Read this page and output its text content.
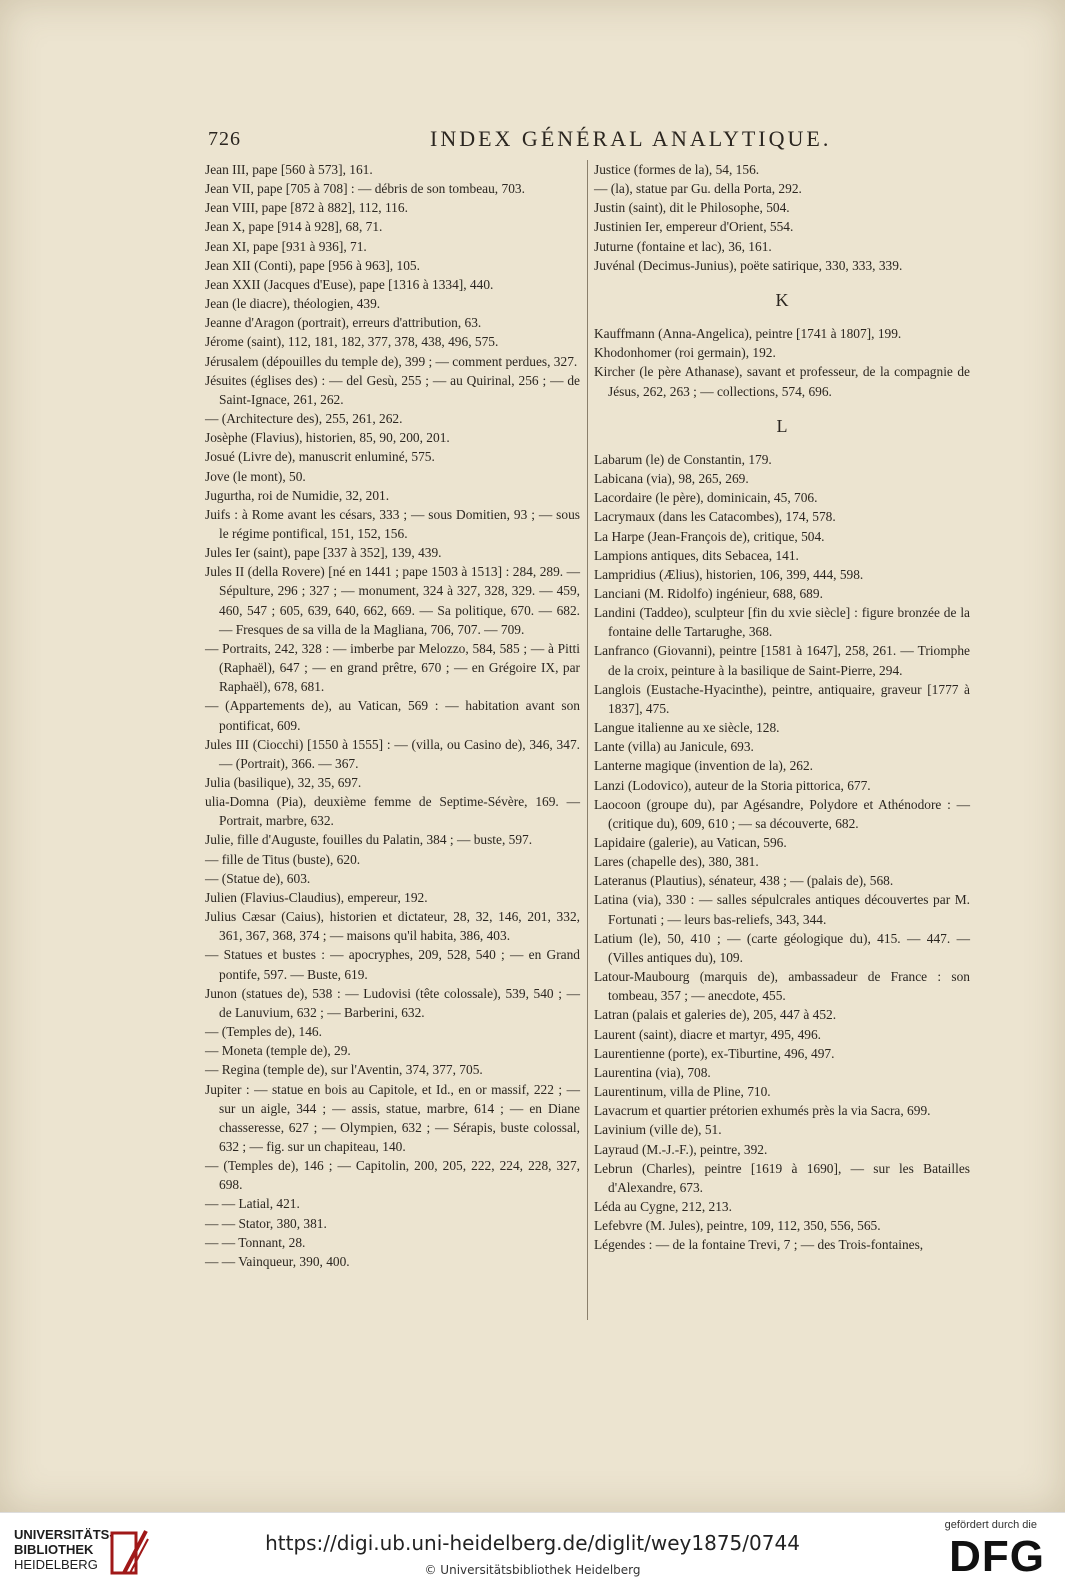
726	INDEX GÉNÉRAL ANALYTIQUE.
Jean III, pape [560 à 573], 161.
Jean VII, pape [705 à 708] : — débris de son tombeau, 703.
Jean VIII, pape [872 à 882], 112, 116.
Jean X, pape [914 à 928], 68, 71.
Jean XI, pape [931 à 936], 71.
Jean XII (Conti), pape [956 à 963], 105.
Jean XXII (Jacques d'Euse), pape [1316 à 1334], 440.
Jean (le diacre), théologien, 439.
Jeanne d'Aragon (portrait), erreurs d'attribution, 63.
Jérome (saint), 112, 181, 182, 377, 378, 438, 496, 575.
Jérusalem (dépouilles du temple de), 399 ; — comment perdues, 327.
Jésuites (églises des) : — del Gesù, 255 ; — au Quirinal, 256 ; — de Saint-Ignace, 261, 262.
— (Architecture des), 255, 261, 262.
Josèphe (Flavius), historien, 85, 90, 200, 201.
Josué (Livre de), manuscrit enluminé, 575.
Jove (le mont), 50.
Jugurtha, roi de Numidie, 32, 201.
Juifs : à Rome avant les césars, 333 ; — sous Domitien, 93 ; — sous le régime pontifical, 151, 152, 156.
Jules Ier (saint), pape [337 à 352], 139, 439.
Jules II (della Rovere) [né en 1441 ; pape 1503 à 1513] : 284, 289. — Sépulture, 296 ; 327 ; — monument, 324 à 327, 328, 329. — 459, 460, 547 ; 605, 639, 640, 662, 669. — Sa politique, 670. — 682. — Fresques de sa villa de la Magliana, 706, 707. — 709.
— Portraits, 242, 328 : — imberbe par Melozzo, 584, 585 ; — à Pitti (Raphaël), 647 ; — en grand prêtre, 670 ; — en Grégoire IX, par Raphaël), 678, 681.
— (Appartements de), au Vatican, 569 : — habitation avant son pontificat, 609.
Jules III (Ciocchi) [1550 à 1555] : — (villa, ou Casino de), 346, 347. — (Portrait), 366. — 367.
Julia (basilique), 32, 35, 697.
ulia-Domna (Pia), deuxième femme de Septime-Sévère, 169. — Portrait, marbre, 632.
Julie, fille d'Auguste, fouilles du Palatin, 384 ; — buste, 597.
— fille de Titus (buste), 620.
— (Statue de), 603.
Julien (Flavius-Claudius), empereur, 192.
Julius Cæsar (Caius), historien et dictateur, 28, 32, 146, 201, 332, 361, 367, 368, 374 ; — maisons qu'il habita, 386, 403.
— Statues et bustes : — apocryphes, 209, 528, 540 ; — en Grand pontife, 597. — Buste, 619.
Junon (statues de), 538 : — Ludovisi (tête colossale), 539, 540 ; — de Lanuvium, 632 ; — Barberini, 632.
— (Temples de), 146.
— Moneta (temple de), 29.
— Regina (temple de), sur l'Aventin, 374, 377, 705.
Jupiter : — statue en bois au Capitole, et Id., en or massif, 222 ; — sur un aigle, 344 ; — assis, statue, marbre, 614 ; — en Diane chasseresse, 627 ; — Olympien, 632 ; — Sérapis, buste colossal, 632 ; — fig. sur un chapiteau, 140.
— (Temples de), 146 ; — Capitolin, 200, 205, 222, 224, 228, 327, 698.
— — Latial, 421.
— — Stator, 380, 381.
— — Tonnant, 28.
— — Vainqueur, 390, 400.
Justice (formes de la), 54, 156.
— (la), statue par Gu. della Porta, 292.
Justin (saint), dit le Philosophe, 504.
Justinien Ier, empereur d'Orient, 554.
Juturne (fontaine et lac), 36, 161.
Juvénal (Decimus-Junius), poëte satirique, 330, 333, 339.
K
Kauffmann (Anna-Angelica), peintre [1741 à 1807], 199.
Khodonhomer (roi germain), 192.
Kircher (le père Athanase), savant et professeur, de la compagnie de Jésus, 262, 263 ; — collections, 574, 696.
L
Labarum (le) de Constantin, 179.
Labicana (via), 98, 265, 269.
Lacordaire (le père), dominicain, 45, 706.
Lacrymaux (dans les Catacombes), 174, 578.
La Harpe (Jean-François de), critique, 504.
Lampions antiques, dits Sebacea, 141.
Lampridius (Ælius), historien, 106, 399, 444, 598.
Lanciani (M. Ridolfo) ingénieur, 688, 689.
Landini (Taddeo), sculpteur [fin du xvie siècle] : figure bronzée de la fontaine delle Tartarughe, 368.
Lanfranco (Giovanni), peintre [1581 à 1647], 258, 261. — Triomphe de la croix, peinture à la basilique de Saint-Pierre, 294.
Langlois (Eustache-Hyacinthe), peintre, antiquaire, graveur [1777 à 1837], 475.
Langue italienne au xe siècle, 128.
Lante (villa) au Janicule, 693.
Lanterne magique (invention de la), 262.
Lanzi (Lodovico), auteur de la Storia pittorica, 677.
Laocoon (groupe du), par Agésandre, Polydore et Athénodore : — (critique du), 609, 610 ; — sa découverte, 682.
Lapidaire (galerie), au Vatican, 596.
Lares (chapelle des), 380, 381.
Lateranus (Plautius), sénateur, 438 ; — (palais de), 568.
Latina (via), 330 : — salles sépulcrales antiques découvertes par M. Fortunati ; — leurs bas-reliefs, 343, 344.
Latium (le), 50, 410 ; — (carte géologique du), 415. — 447. — (Villes antiques du), 109.
Latour-Maubourg (marquis de), ambassadeur de France : son tombeau, 357 ; — anecdote, 455.
Latran (palais et galeries de), 205, 447 à 452.
Laurent (saint), diacre et martyr, 495, 496.
Laurentienne (porte), ex-Tiburtine, 496, 497.
Laurentina (via), 708.
Laurentinum, villa de Pline, 710.
Lavacrum et quartier prétorien exhumés près la via Sacra, 699.
Lavinium (ville de), 51.
Layraud (M.-J.-F.), peintre, 392.
Lebrun (Charles), peintre [1619 à 1690], — sur les Batailles d'Alexandre, 673.
Léda au Cygne, 212, 213.
Lefebvre (M. Jules), peintre, 109, 112, 350, 556, 565.
Légendes : — de la fontaine Trevi, 7 ; — des Trois-fontaines,
UNIVERSITÄTS-
BIBLIOTHEK
HEIDELBERG
https://digi.ub.uni-heidelberg.de/diglit/wey1875/0744
© Universitätsbibliothek Heidelberg
gefördert durch die
DFG
